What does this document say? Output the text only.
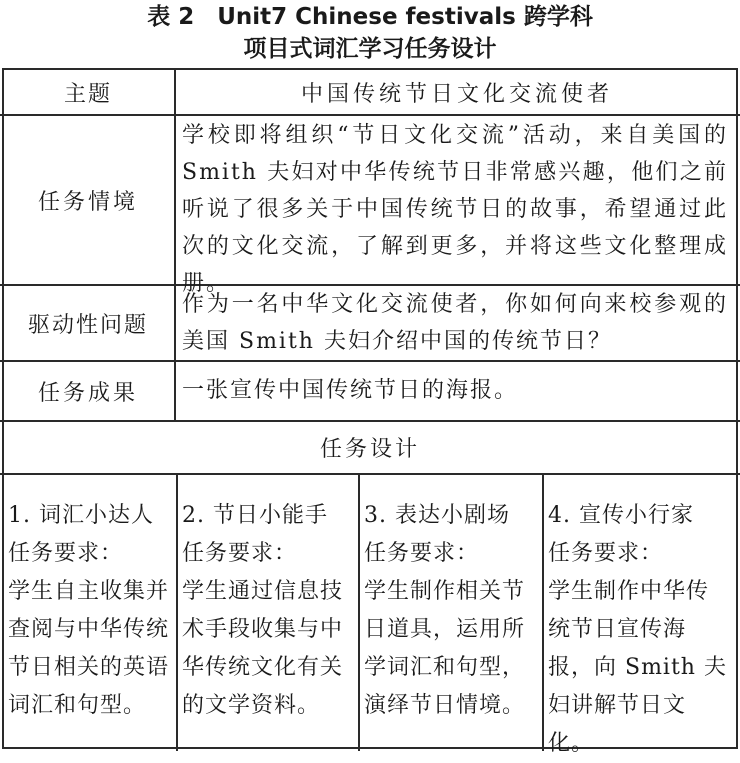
表 2　Unit7 Chinese festivals 跨学科
项目式词汇学习任务设计
主题	中国传统节日文化交流使者
任务情境
学校即将组织“节日文化交流”活动，来自美国的 Smith 夫妇对中华传统节日非常感兴趣，他们之前听说了很多关于中国传统节日的故事，希望通过此次的文化交流，了解到更多，并将这些文化整理成册。
驱动性问题
作为一名中华文化交流使者，你如何向来校参观的美国 Smith 夫妇介绍中国的传统节日？
任务成果	一张宣传中国传统节日的海报。
任务设计
1. 词汇小达人
任务要求：
学生自主收集并查阅与中华传统节日相关的英语词汇和句型。
2. 节日小能手
任务要求：
学生通过信息技术手段收集与中华传统文化有关的文学资料。
3. 表达小剧场
任务要求：
学生制作相关节日道具，运用所学词汇和句型，演绎节日情境。
4. 宣传小行家
任务要求：
学生制作中华传统节日宣传海报，向 Smith 夫妇讲解节日文化。
